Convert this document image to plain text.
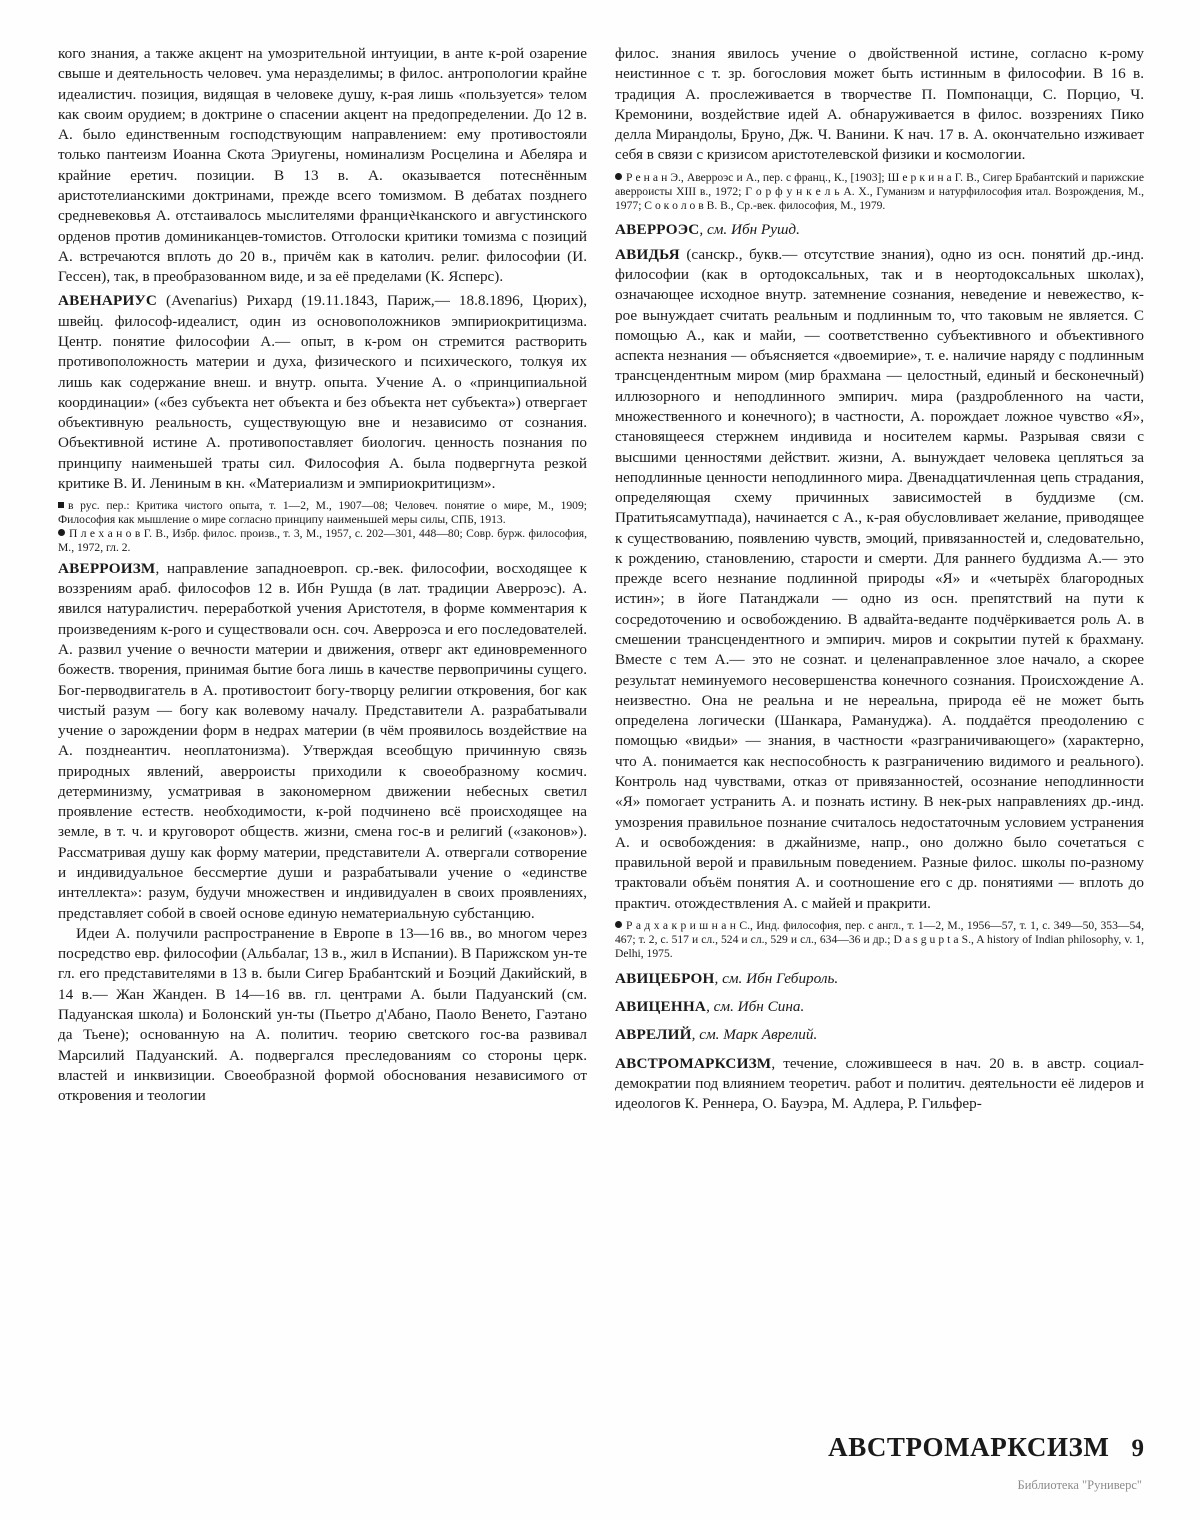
кого знания, а также акцент на умозрительной интуиции, в анте к-рой озарение свыше и деятельность человеч. ума неразделимы; в филос. антропологии крайне идеалистич. позиция, видящая в человеке душу, к-рая лишь «пользуется» телом как своим орудием; в доктрине о спасении акцент на предопределении. До 12 в. А. было единственным господствующим направлением: ему противостояли только пантеизм Иоанна Скота Эриугены, номинализм Росцелина и Абеляра и крайние еретич. позиции. В 13 в. А. оказывается потеснённым аристотелианскими доктринами, прежде всего томизмом. В дебатах позднего средневековья А. отстаивалось мыслителями франциસканского и августинского орденов против доминиканцев-томистов. Отголоски критики томизма с позиций А. встречаются вплоть до 20 в., причём как в католич. религ. философии (И. Гессен), так, в преобразованном виде, и за её пределами (К. Ясперс).

АВЕНАРИУС (Avenarius) Рихард (19.11.1843, Париж,— 18.8.1896, Цюрих), швейц. философ-идеалист, один из основоположников эмпириокритицизма. Центр. понятие философии А.— опыт, в к-ром он стремится растворить противоположность материи и духа, физического и психического, толкуя их лишь как содержание внеш. и внутр. опыта. Учение А. о «принципиальной координации» («без субъекта нет объекта и без объекта нет субъекта») отвергает объективную реальность, существующую вне и независимо от сознания. Объективной истине А. противопоставляет биологич. ценность познания по принципу наименьшей траты сил. Философия А. была подвергнута резкой критике В. И. Лениным в кн. «Материализм и эмпириокритицизм».

в рус. пер.: Критика чистого опыта, т. 1—2, М., 1907—08; Человеч. понятие о мире, М., 1909; Философия как мышление о мире согласно принципу наименьшей меры силы, СПБ, 1913.
П л е х а н о в Г. В., Избр. филос. произв., т. 3, М., 1957, с. 202—301, 448—80; Совр. бурж. философия, М., 1972, гл. 2.

АВЕРРОИЗМ, направление западноевроп. ср.-век. философии, восходящее к воззрениям араб. философов 12 в. Ибн Рушда (в лат. традиции Аверроэс). А. явился натуралистич. переработкой учения Аристотеля, в форме комментария к произведениям к-рого и существовали осн. соч. Аверроэса и его последователей. А. развил учение о вечности материи и движения, отверг акт единовременного божеств. творения, принимая бытие бога лишь в качестве первопричины сущего. Бог-перводвигатель в А. противостоит богу-творцу религии откровения, бог как чистый разум — богу как волевому началу. Представители А. разрабатывали учение о зарождении форм в недрах материи (в чём проявилось воздействие на А. позднеантич. неоплатонизма). Утверждая всеобщую причинную связь природных явлений, аверроисты приходили к своеобразному космич. детерминизму, усматривая в закономерном движении небесных светил проявление естеств. необходимости, к-рой подчинено всё происходящее на земле, в т. ч. и круговорот обществ. жизни, смена гос-в и религий («законов»). Рассматривая душу как форму материи, представители А. отвергали сотворение и индивидуальное бессмертие души и разрабатывали учение о «единстве интеллекта»: разум, будучи множествен и индивидуален в своих проявлениях, представляет собой в своей основе единую нематериальную субстанцию.

Идеи А. получили распространение в Европе в 13—16 вв., во многом через посредство евр. философии (Альбалаг, 13 в., жил в Испании). В Парижском ун-те гл. его представителями в 13 в. были Сигер Брабантский и Боэций Дакийский, в 14 в.— Жан Жанден. В 14—16 вв. гл. центрами А. были Падуанский (см. Падуанская школа) и Болонский ун-ты (Пьетро д'Абано, Паоло Венето, Гаэтано да Тьене); основанную на А. политич. теорию светского гос-ва развивал Марсилий Падуанский. А. подвергался преследованиям со стороны церк. властей и инквизиции. Своеобразной формой обоснования независимого от откровения и теологии

филос. знания явилось учение о двойственной истине, согласно к-рому неистинное с т. зр. богословия может быть истинным в философии. В 16 в. традиция А. прослеживается в творчестве П. Помпонацци, С. Порцио, Ч. Кремонини, воздействие идей А. обнаруживается в филос. воззрениях Пико делла Мирандолы, Бруно, Дж. Ч. Ванини. К нач. 17 в. А. окончательно изживает себя в связи с кризисом аристотелевской физики и космологии.

Р е н а н Э., Аверроэс и А., пер. с франц., К., [1903]; Ш е р к и н а Г. В., Сигер Брабантский и парижские аверроисты XIII в., 1972; Г о р ф у н к е л ь А. X., Гуманизм и натурфилософия итал. Возрождения, М., 1977; С о к о л о в В. В., Ср.-век. философия, М., 1979.

АВЕРРОЭС, см. Ибн Рушд.

АВИДЬЯ (санскр., букв.— отсутствие знания), одно из осн. понятий др.-инд. философии (как в ортодоксальных, так и в неортодоксальных школах), означающее исходное внутр. затемнение сознания, неведение и невежество, к-рое вынуждает считать реальным и подлинным то, что таковым не является. С помощью А., как и майи, — соответственно субъективного и объективного аспекта незнания — объясняется «двоемирие», т. е. наличие наряду с подлинным трансцендентным миром (мир брахмана — целостный, единый и бесконечный) иллюзорного и неподлинного эмпирич. мира (раздробленного на части, множественного и конечного); в частности, А. порождает ложное чувство «Я», становящееся стержнем индивида и носителем кармы. Разрывая связи с высшими ценностями действит. жизни, А. вынуждает человека цепляться за неподлинные ценности неподлинного мира. Двенадцатичленная цепь страдания, определяющая схему причинных зависимостей в буддизме (см. Пратитьясамутпада), начинается с А., к-рая обусловливает желание, приводящее к существованию, появлению чувств, эмоций, привязанностей и, следовательно, к рождению, становлению, старости и смерти. Для раннего буддизма А.— это прежде всего незнание подлинной природы «Я» и «четырёх благородных истин»; в йоге Патанджали — одно из осн. препятствий на пути к сосредоточению и освобождению. В адвайта-веданте подчёркивается роль А. в смешении трансцендентного и эмпирич. миров и сокрытии путей к брахману. Вместе с тем А.— это не сознат. и целенаправленное злое начало, а скорее результат неминуемого несовершенства конечного сознания. Происхождение А. неизвестно. Она не реальна и не нереальна, природа её не может быть определена логически (Шанкара, Рамануджа). А. поддаётся преодолению с помощью «видьи» — знания, в частности «разграничивающего» (характерно, что А. понимается как неспособность к разграничению видимого и реального). Контроль над чувствами, отказ от привязанностей, осознание неподлинности «Я» помогает устранить А. и познать истину. В нек-рых направлениях др.-инд. умозрения правильное познание считалось недостаточным условием устранения А. и освобождения: в джайнизме, напр., оно должно было сочетаться с правильной верой и правильным поведением. Разные филос. школы по-разному трактовали объём понятия А. и соотношение его с др. понятиями — вплоть до практич. отождествления А. с майей и пракрити.

Р а д х а к р и ш н а н С., Инд. философия, пер. с англ., т. 1—2, М., 1956—57, т. 1, с. 349—50, 353—54, 467; т. 2, с. 517 и сл., 524 и сл., 529 и сл., 634—36 и др.; D a s g u p t a S., A history of Indian philosophy, v. 1, Delhi, 1975.

АВИЦЕБРОН, см. Ибн Гебироль.

АВИЦЕННА, см. Ибн Сина.

АВРЕЛИЙ, см. Марк Аврелий.

АВСТРОМАРКСИЗМ, течение, сложившееся в нач. 20 в. в австр. социал-демократии под влиянием теоретич. работ и политич. деятельности её лидеров и идеологов К. Реннера, О. Бауэра, М. Адлера, Р. Гильфер-

АВСТРОМАРКСИЗМ 9
Библиотека "Руниверс"
